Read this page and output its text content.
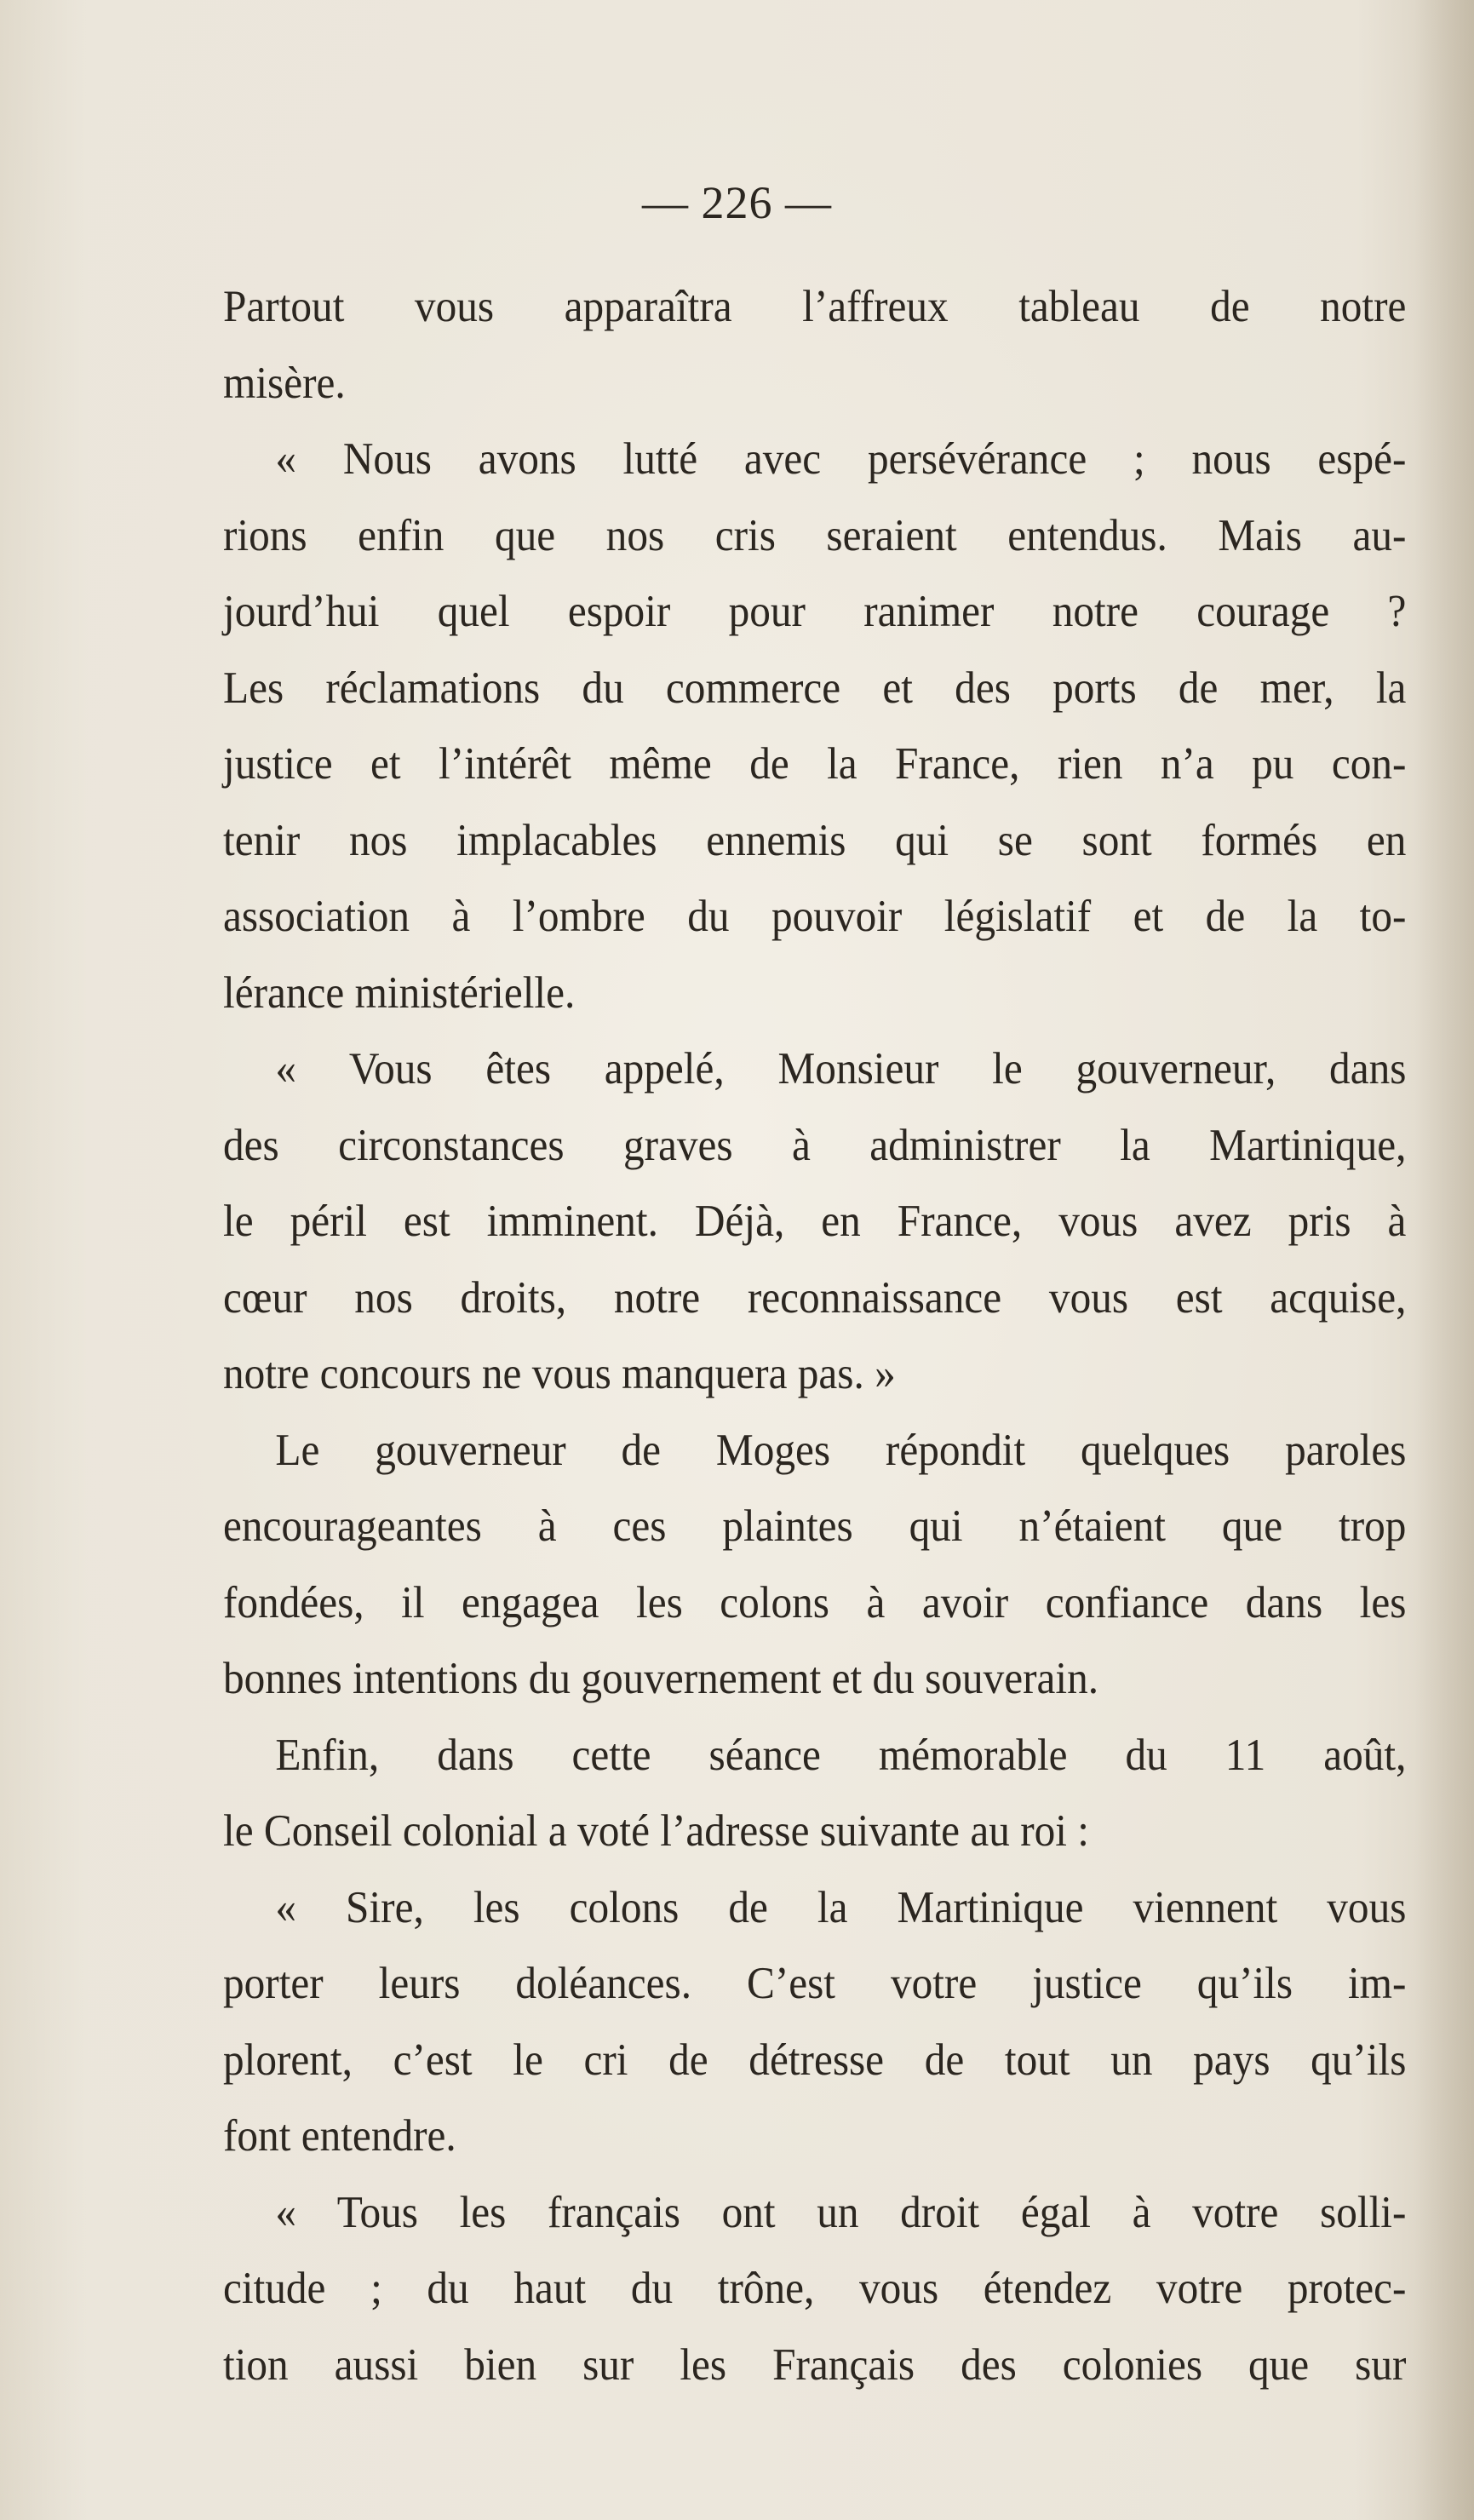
— 226 —
Partout vous apparaîtra l’affreux tableau de notre
misère.
« Nous avons lutté avec persévérance ; nous espé-
rions enfin que nos cris seraient entendus. Mais au-
jourd’hui quel espoir pour ranimer notre courage ?
Les réclamations du commerce et des ports de mer, la
justice et l’intérêt même de la France, rien n’a pu con-
tenir nos implacables ennemis qui se sont formés en
association à l’ombre du pouvoir législatif et de la to-
lérance ministérielle.
« Vous êtes appelé, Monsieur le gouverneur, dans
des circonstances graves à administrer la Martinique,
le péril est imminent. Déjà, en France, vous avez pris à
cœur nos droits, notre reconnaissance vous est acquise,
notre concours ne vous manquera pas. »
Le gouverneur de Moges répondit quelques paroles
encourageantes à ces plaintes qui n’étaient que trop
fondées, il engagea les colons à avoir confiance dans les
bonnes intentions du gouvernement et du souverain.
Enfin, dans cette séance mémorable du 11 août,
le Conseil colonial a voté l’adresse suivante au roi :
« Sire, les colons de la Martinique viennent vous
porter leurs doléances. C’est votre justice qu’ils im-
plorent, c’est le cri de détresse de tout un pays qu’ils
font entendre.
« Tous les français ont un droit égal à votre solli-
citude ; du haut du trône, vous étendez votre protec-
tion aussi bien sur les Français des colonies que sur
